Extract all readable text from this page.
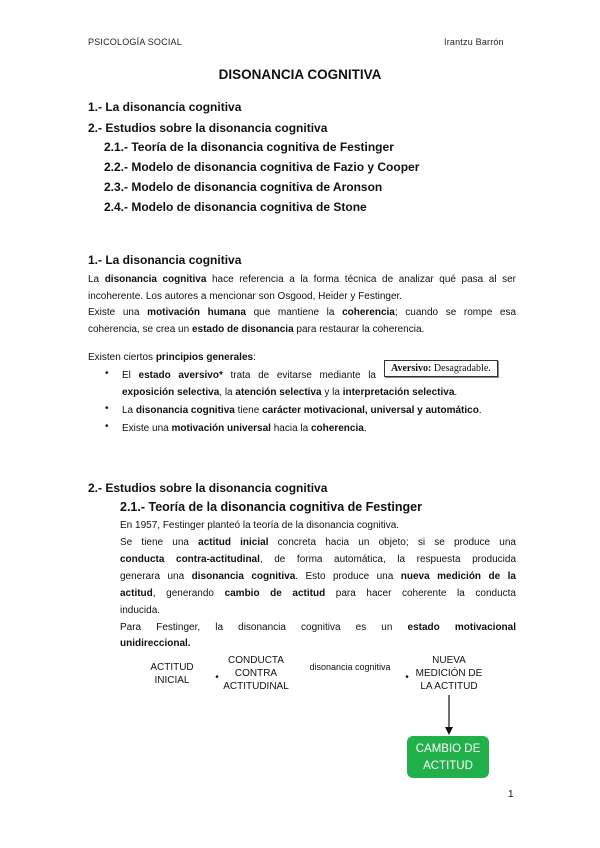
PSICOLOGÍA SOCIAL	Irantzu Barrón
DISONANCIA COGNITIVA
1.- La disonancia cognitiva
2.- Estudios sobre la disonancia cognitiva
2.1.- Teoría de la disonancia cognitiva de Festinger
2.2.- Modelo de disonancia cognitiva de Fazio y Cooper
2.3.- Modelo de disonancia cognitiva de Aronson
2.4.- Modelo de disonancia cognitiva de Stone
1.- La disonancia cognitiva
La disonancia cognitiva hace referencia a la forma técnica de analizar qué pasa al ser
incoherente. Los autores a mencionar son Osgood, Heider y Festinger.
Existe una motivación humana que mantiene la coherencia; cuando se rompe esa
coherencia, se crea un estado de disonancia para restaurar la coherencia.
Existen ciertos principios generales:
• El estado aversivo* trata de evitarse mediante la
exposición selectiva, la atención selectiva y la interpretación selectiva.
• La disonancia cognitiva tiene carácter motivacional, universal y automático.
• Existe una motivación universal hacia la coherencia.
Aversivo: Desagradable.
2.- Estudios sobre la disonancia cognitiva
2.1.- Teoría de la disonancia cognitiva de Festinger
En 1957, Festinger planteó la teoría de la disonancia cognitiva.
Se tiene una actitud inicial concreta hacia un objeto; si se produce una
conducta contra-actitudinal, de forma automática, la respuesta producida
generara una disonancia cognitiva. Esto produce una nueva medición de la
actitud, generando cambio de actitud para hacer coherente la conducta
inducida.
Para Festinger, la disonancia cognitiva es un estado motivacional
unidireccional.
ACTITUD
INICIAL	•
CONDUCTA
CONTRA
ACTITUDINAL
disonancia cognitiva
•
NUEVA
MEDICIÓN DE
LA ACTITUD
CAMBIO DE
ACTITUD
1
